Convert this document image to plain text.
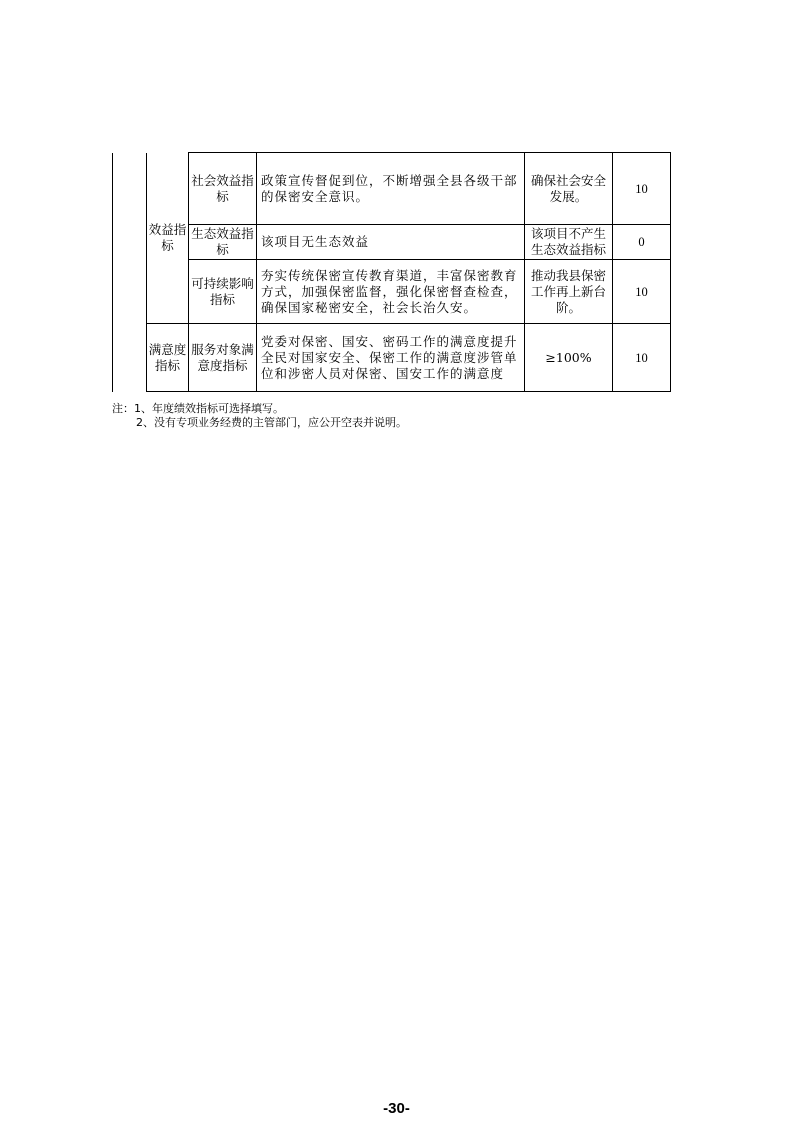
	效益指标	社会效益指标	政策宣传督促到位，不断增强全县各级干部的保密安全意识。	确保社会安全发展。	10
		生态效益指标	该项目无生态效益	该项目不产生生态效益指标	0
		可持续影响指标	夯实传统保密宣传教育渠道，丰富保密教育方式，加强保密监督，强化保密督查检查，确保国家秘密安全，社会长治久安。	推动我县保密工作再上新台阶。	10
	满意度指标	服务对象满意度指标	党委对保密、国安、密码工作的满意度提升全民对国家安全、保密工作的满意度涉管单位和涉密人员对保密、国安工作的满意度	≥100%	10
注：1、年度绩效指标可选择填写。
2、没有专项业务经费的主管部门，应公开空表并说明。
-30-
